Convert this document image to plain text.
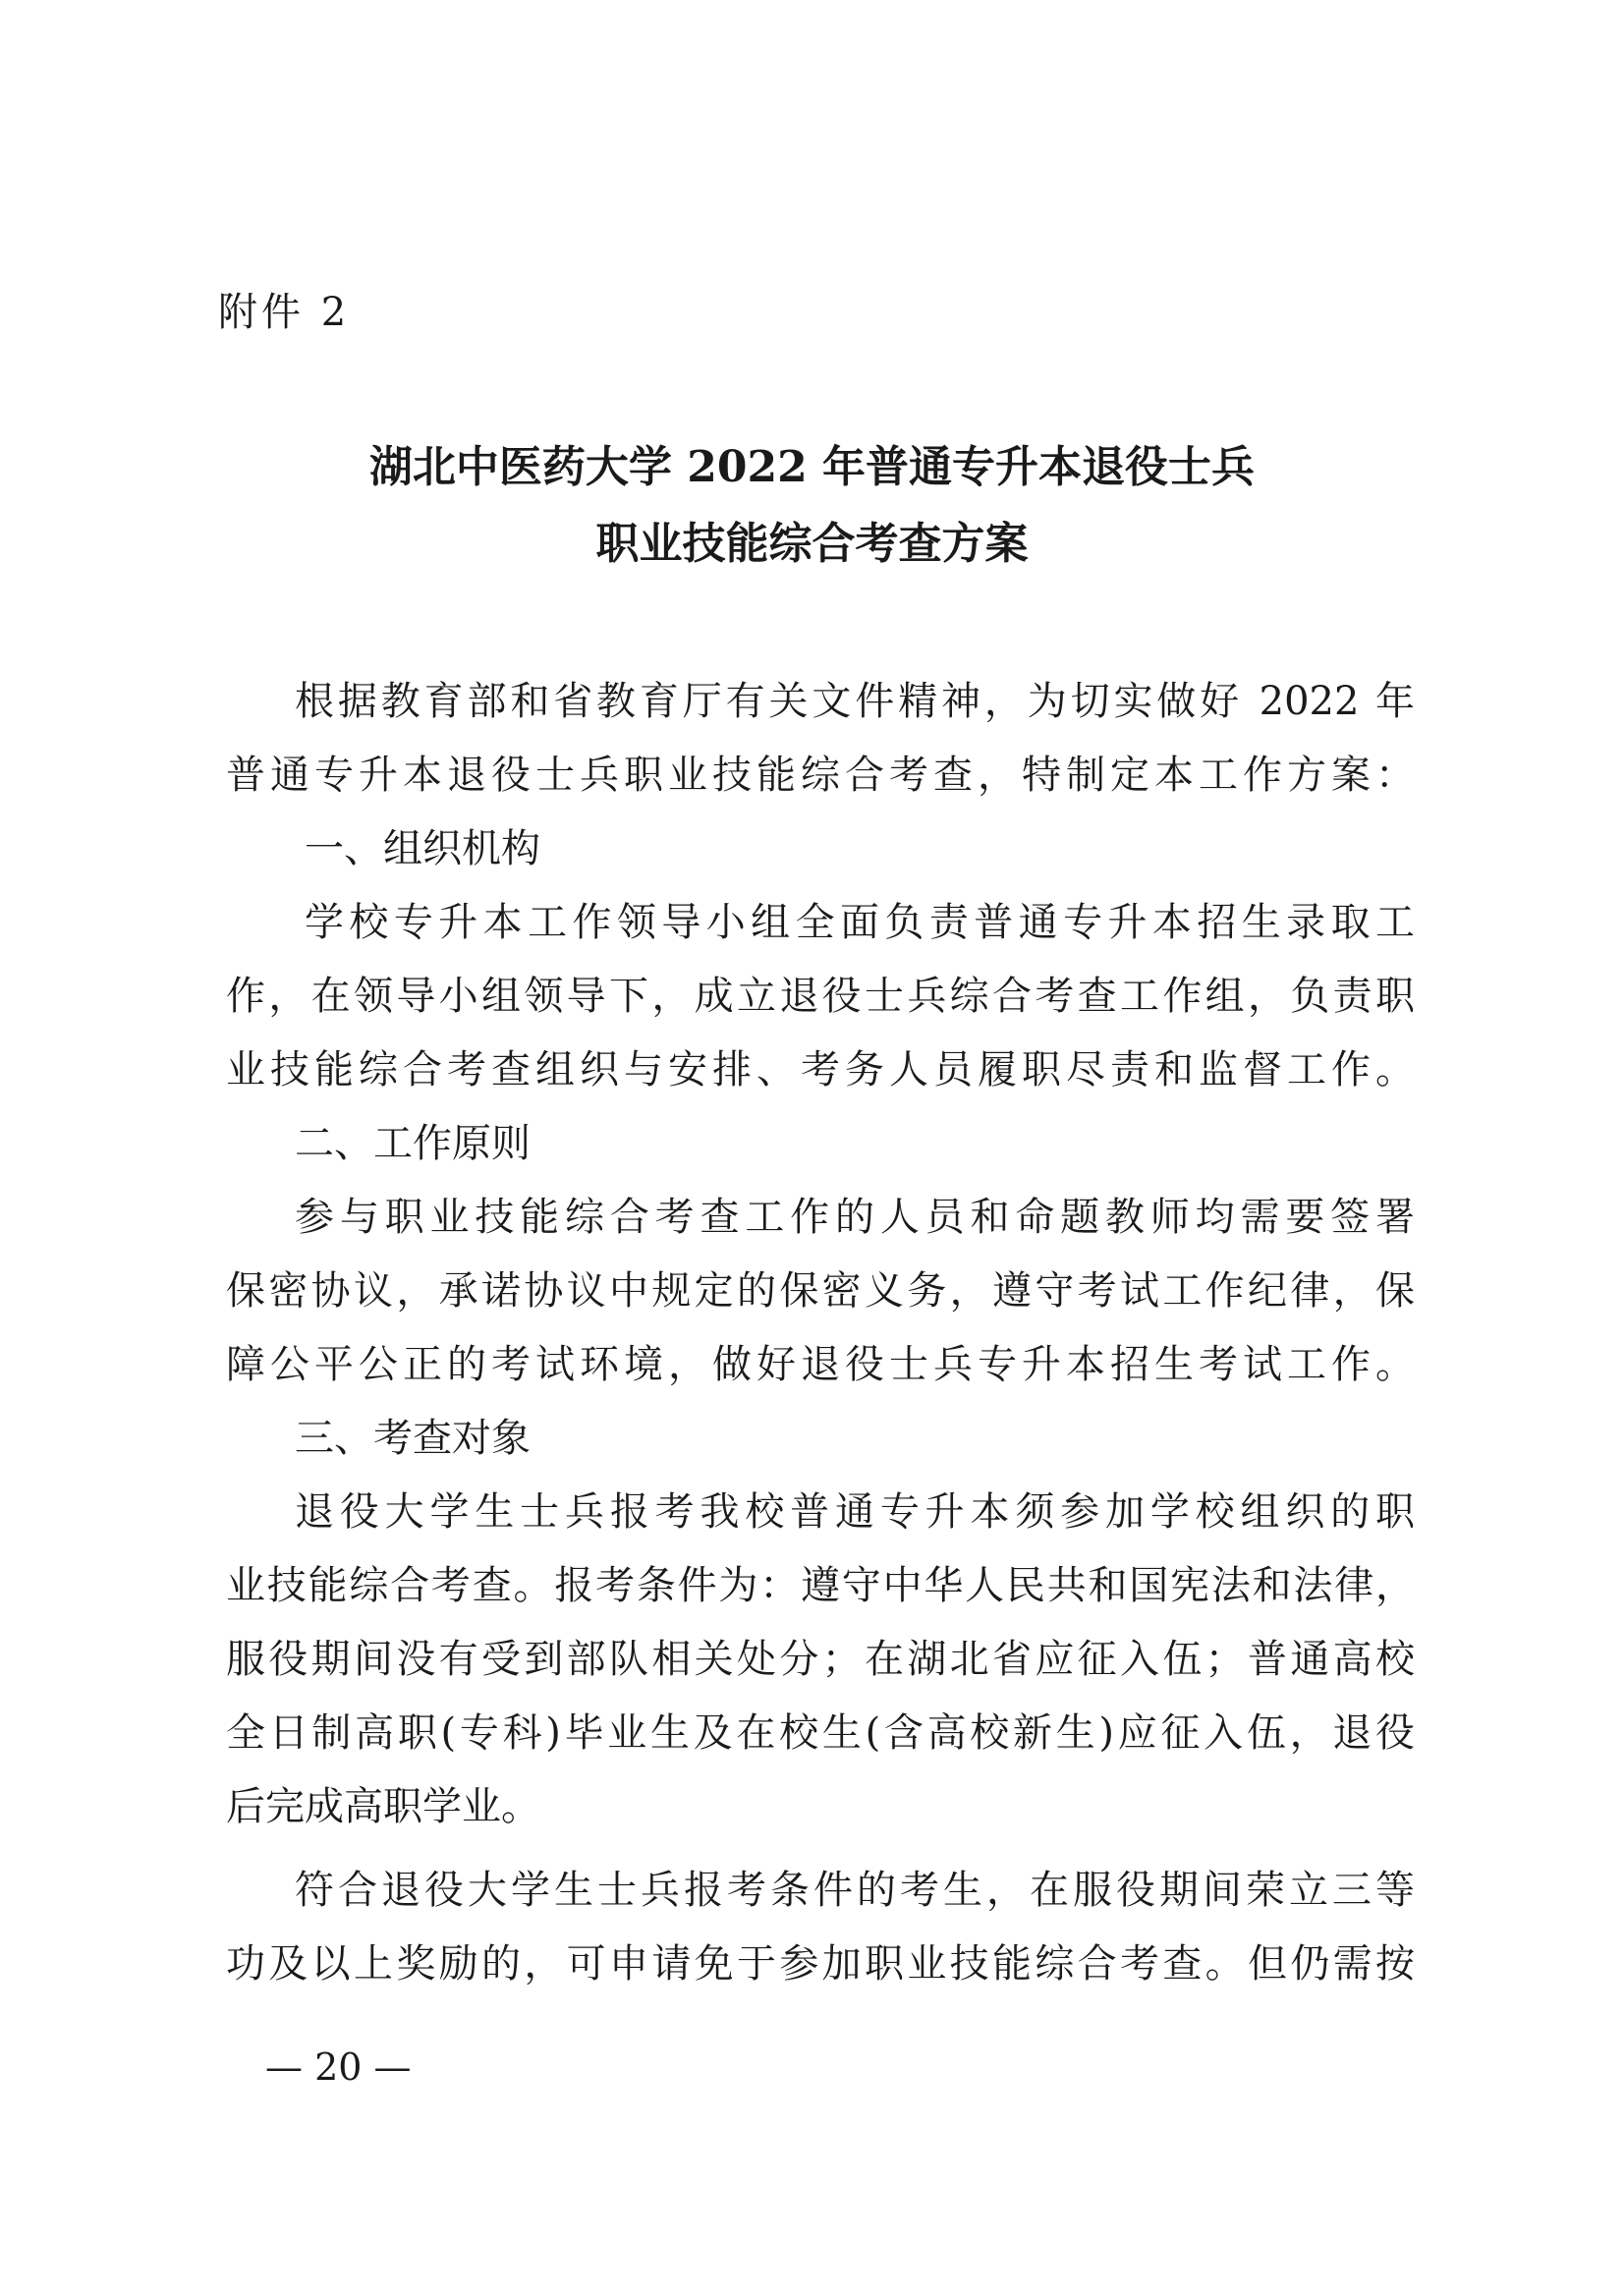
附件 2
湖北中医药大学 2022 年普通专升本退役士兵
职业技能综合考查方案
根据教育部和省教育厅有关文件精神，为切实做好 2022 年
普通专升本退役士兵职业技能综合考查，特制定本工作方案：
一、组织机构
学校专升本工作领导小组全面负责普通专升本招生录取工
作，在领导小组领导下，成立退役士兵综合考查工作组，负责职
业技能综合考查组织与安排、考务人员履职尽责和监督工作。
二、工作原则
参与职业技能综合考查工作的人员和命题教师均需要签署
保密协议，承诺协议中规定的保密义务，遵守考试工作纪律，保
障公平公正的考试环境，做好退役士兵专升本招生考试工作。
三、考查对象
退役大学生士兵报考我校普通专升本须参加学校组织的职
业技能综合考查。报考条件为：遵守中华人民共和国宪法和法律，
服役期间没有受到部队相关处分；在湖北省应征入伍；普通高校
全日制高职(专科)毕业生及在校生(含高校新生)应征入伍，退役
后完成高职学业。
符合退役大学生士兵报考条件的考生，在服役期间荣立三等
功及以上奖励的，可申请免于参加职业技能综合考查。但仍需按
— 20 —
